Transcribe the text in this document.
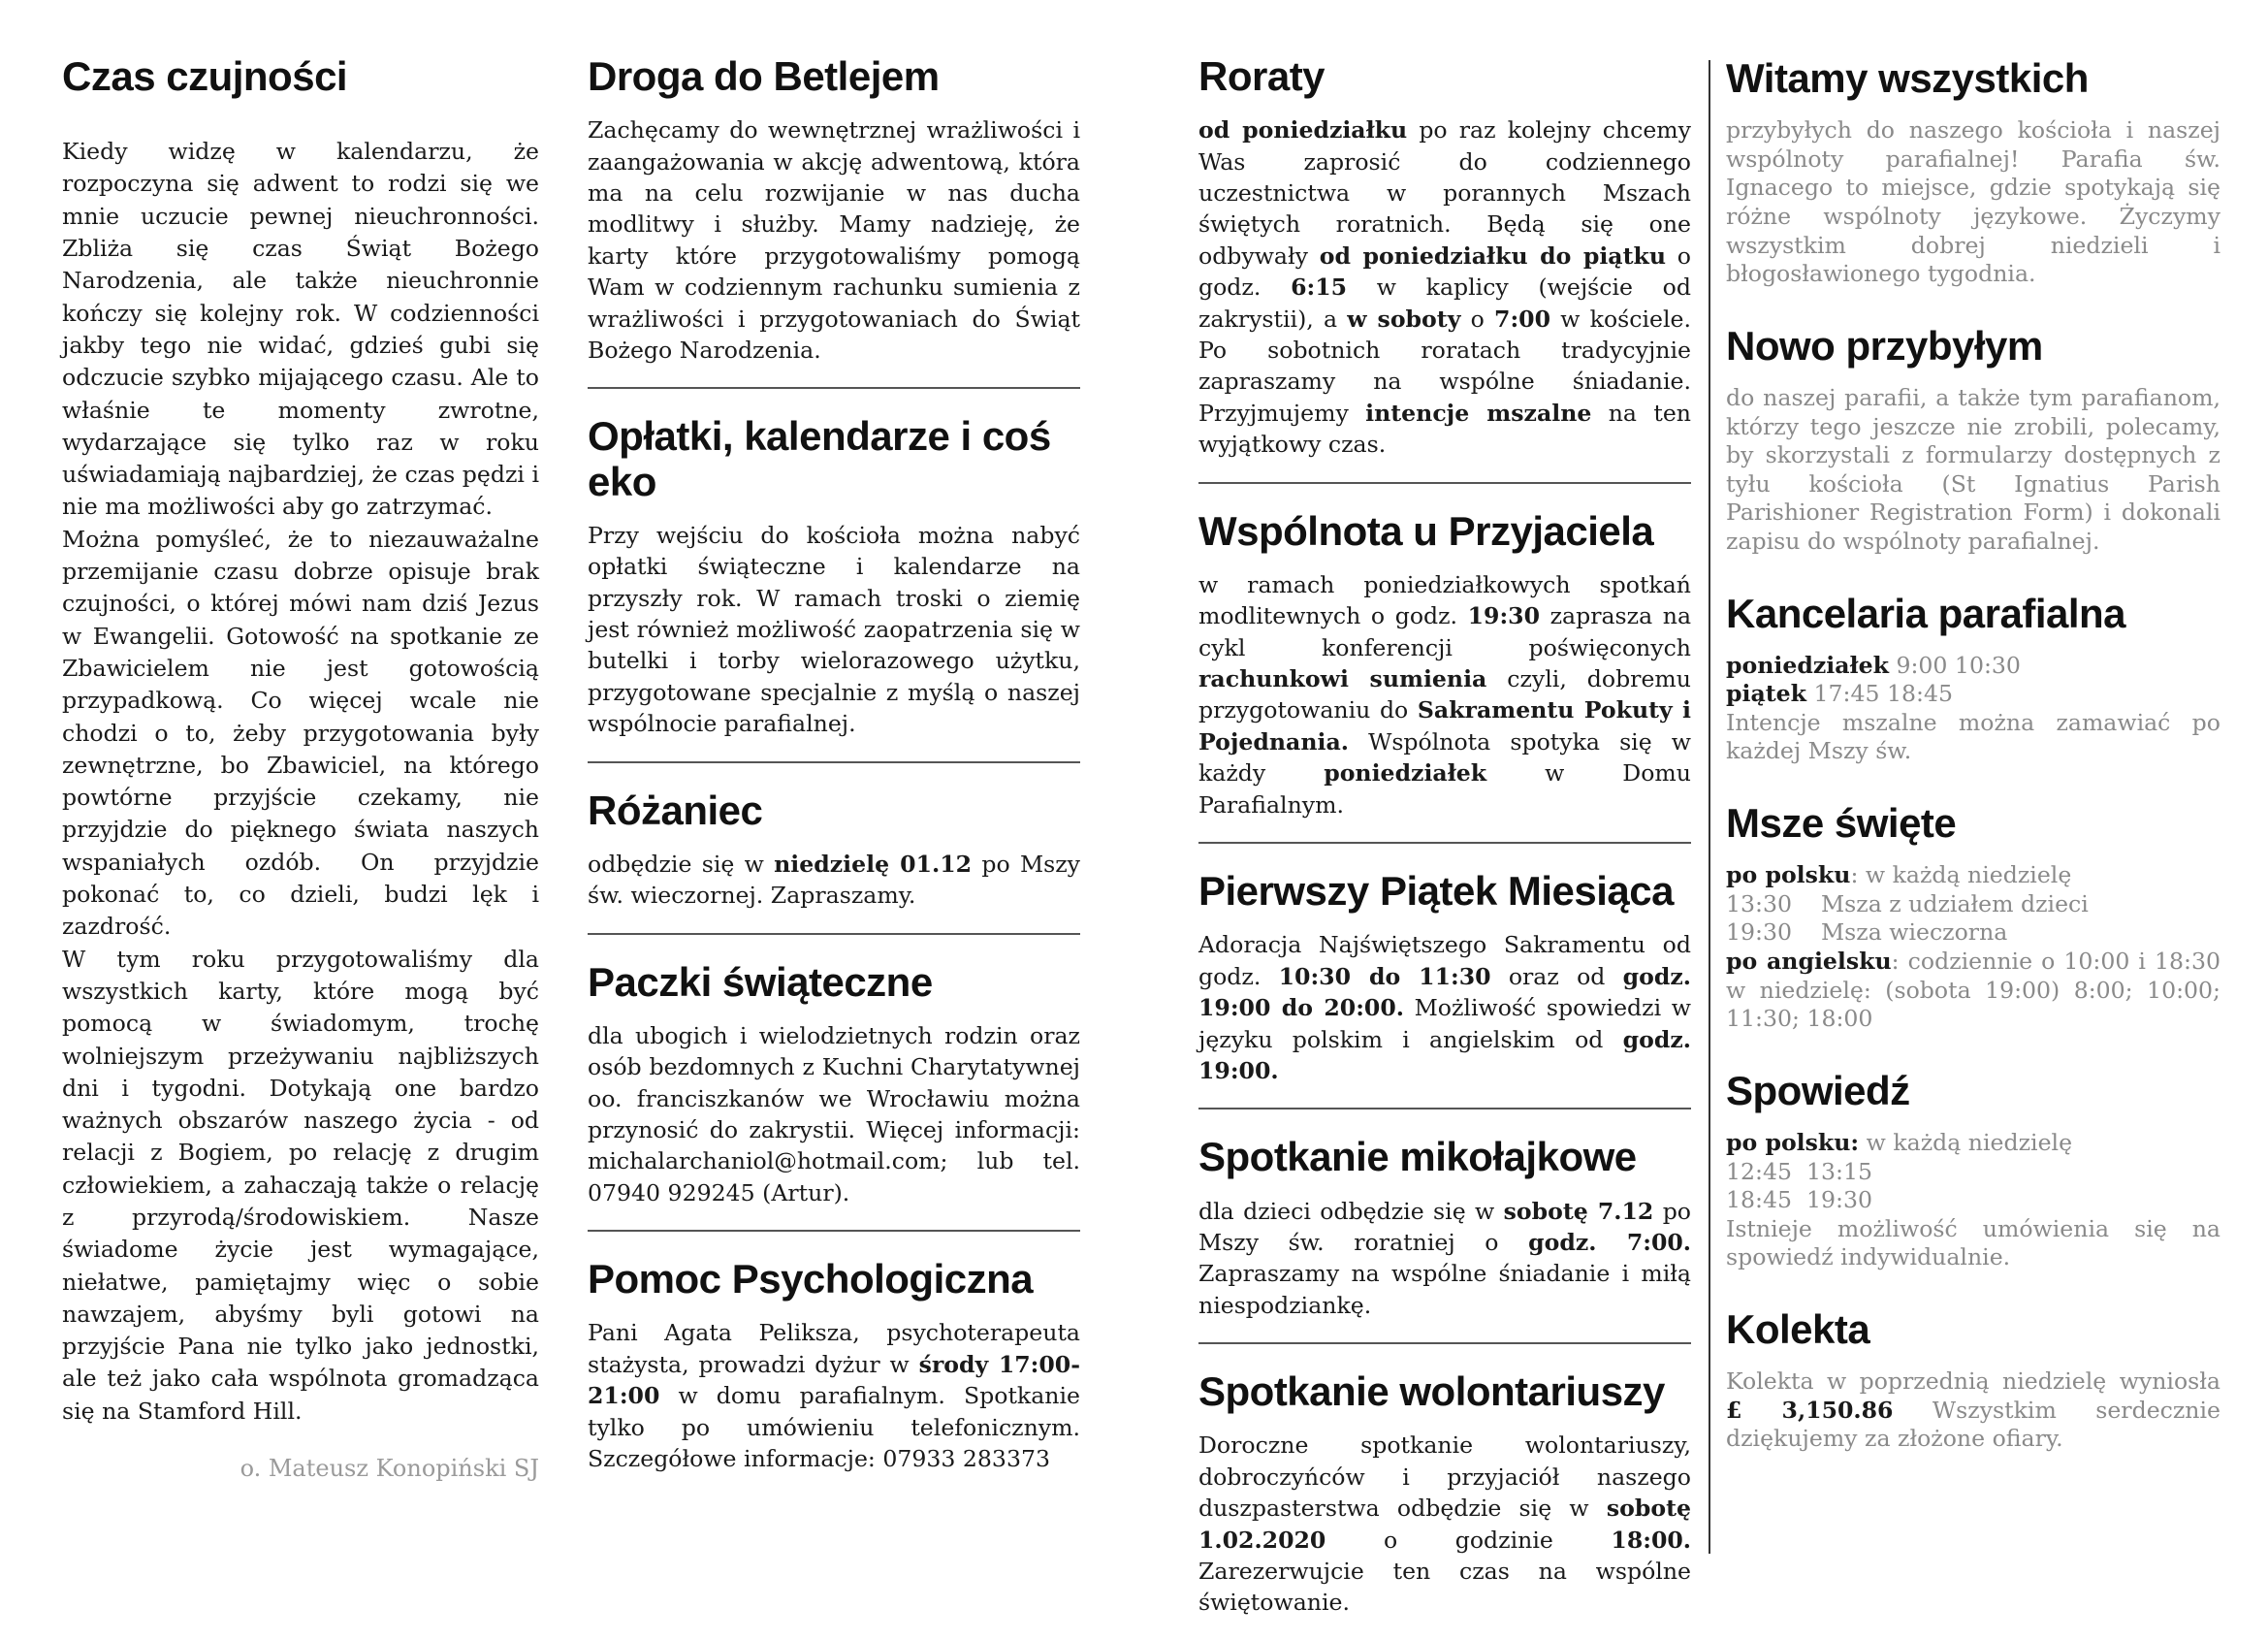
Czas czujności

Kiedy widzę w kalendarzu, że rozpoczyna się adwent to rodzi się we mnie uczucie pewnej nieuchronności. Zbliża się czas Świąt Bożego Narodzenia, ale także nieuchronnie kończy się kolejny rok. W codzienności jakby tego nie widać, gdzieś gubi się odczucie szybko mijającego czasu. Ale to właśnie te momenty zwrotne, wydarzające się tylko raz w roku uświadamiają najbardziej, że czas pędzi i nie ma możliwości aby go zatrzymać.

Można pomyśleć, że to niezauważalne przemijanie czasu dobrze opisuje brak czujności, o której mówi nam dziś Jezus w Ewangelii. Gotowość na spotkanie ze Zbawicielem nie jest gotowością przypadkową. Co więcej wcale nie chodzi o to, żeby przygotowania były zewnętrzne, bo Zbawiciel, na którego powtórne przyjście czekamy, nie przyjdzie do pięknego świata naszych wspaniałych ozdób. On przyjdzie pokonać to, co dzieli, budzi lęk i zazdrość.

W tym roku przygotowaliśmy dla wszystkich karty, które mogą być pomocą w świadomym, trochę wolniejszym przeżywaniu najbliższych dni i tygodni. Dotykają one bardzo ważnych obszarów naszego życia - od relacji z Bogiem, po relację z drugim człowiekiem, a zahaczają także o relację z przyrodą/środowiskiem. Nasze świadome życie jest wymagające, niełatwe, pamiętajmy więc o sobie nawzajem, abyśmy byli gotowi na przyjście Pana nie tylko jako jednostki, ale też jako cała wspólnota gromadząca się na Stamford Hill.

o. Mateusz Konopiński SJ
Droga do Betlejem

Zachęcamy do wewnętrznej wrażliwości i zaangażowania w akcję adwentową, która ma na celu rozwijanie w nas ducha modlitwy i służby. Mamy nadzieję, że karty które przygotowaliśmy pomogą Wam w codziennym rachunku sumienia z wrażliwości i przygotowaniach do Świąt Bożego Narodzenia.

Opłatki, kalendarze i coś eko

Przy wejściu do kościoła można nabyć opłatki świąteczne i kalendarze na przyszły rok. W ramach troski o ziemię jest również możliwość zaopatrzenia się w butelki i torby wielorazowego użytku, przygotowane specjalnie z myślą o naszej wspólnocie parafialnej.

Różaniec

odbędzie się w niedzielę 01.12 po Mszy św. wieczornej. Zapraszamy.

Paczki świąteczne

dla ubogich i wielodzietnych rodzin oraz osób bezdomnych z Kuchni Charytatywnej oo. franciszkanów we Wrocławiu można przynosić do zakrystii. Więcej informacji: michalarchaniol@hotmail.com; lub tel. 07940 929245 (Artur).

Pomoc Psychologiczna

Pani Agata Peliksza, psychoterapeuta stażysta, prowadzi dyżur w środy 17:00-21:00 w domu parafialnym. Spotkanie tylko po umówieniu telefonicznym. Szczegółowe informacje: 07933 283373

Roraty

od poniedziałku po raz kolejny chcemy Was zaprosić do codziennego uczestnictwa w porannych Mszach świętych roratnich. Będą się one odbywały od poniedziałku do piątku o godz. 6:15 w kaplicy (wejście od zakrystii), a w soboty o 7:00 w kościele. Po sobotnich roratach tradycyjnie zapraszamy na wspólne śniadanie. Przyjmujemy intencje mszalne na ten wyjątkowy czas.

Wspólnota u Przyjaciela

w ramach poniedziałkowych spotkań modlitewnych o godz. 19:30 zaprasza na cykl konferencji poświęconych rachunkowi sumienia czyli, dobremu przygotowaniu do Sakramentu Pokuty i Pojednania. Wspólnota spotyka się w każdy poniedziałek w Domu Parafialnym.

Pierwszy Piątek Miesiąca

Adoracja Najświętszego Sakramentu od godz. 10:30 do 11:30 oraz od godz. 19:00 do 20:00. Możliwość spowiedzi w języku polskim i angielskim od godz. 19:00.

Spotkanie mikołajkowe

dla dzieci odbędzie się w sobotę 7.12 po Mszy św. roratniej o godz. 7:00. Zapraszamy na wspólne śniadanie i miłą niespodziankę.

Spotkanie wolontariuszy

Doroczne spotkanie wolontariuszy, dobroczyńców i przyjaciół naszego duszpasterstwa odbędzie się w sobotę 1.02.2020 o godzinie 18:00. Zarezerwujcie ten czas na wspólne świętowanie.

Witamy wszystkich

przybyłych do naszego kościoła i naszej wspólnoty parafialnej! Parafia św. Ignacego to miejsce, gdzie spotykają się różne wspólnoty językowe. Życzymy wszystkim dobrej niedzieli i błogosławionego tygodnia.

Nowo przybyłym

do naszej parafii, a także tym parafianom, którzy tego jeszcze nie zrobili, polecamy, by skorzystali z formularzy dostępnych z tyłu kościoła (St Ignatius Parish Parishioner Registration Form) i dokonali zapisu do wspólnoty parafialnej.

Kancelaria parafialna

poniedziałek 9:00 10:30

piątek 17:45 18:45

Intencje mszalne można zamawiać po każdej Mszy św.

Msze święte

po polsku: w każdą niedzielę

13:30    Msza z udziałem dzieci

19:30    Msza wieczorna

po angielsku: codziennie o 10:00 i 18:30 w niedzielę: (sobota 19:00) 8:00; 10:00; 11:30; 18:00

Spowiedź

po polsku: w każdą niedzielę

12:45  13:15

18:45  19:30

Istnieje możliwość umówienia się na spowiedź indywidualnie.

Kolekta

Kolekta w poprzednią niedzielę wyniosła £ 3,150.86 Wszystkim serdecznie dziękujemy za złożone ofiary.
